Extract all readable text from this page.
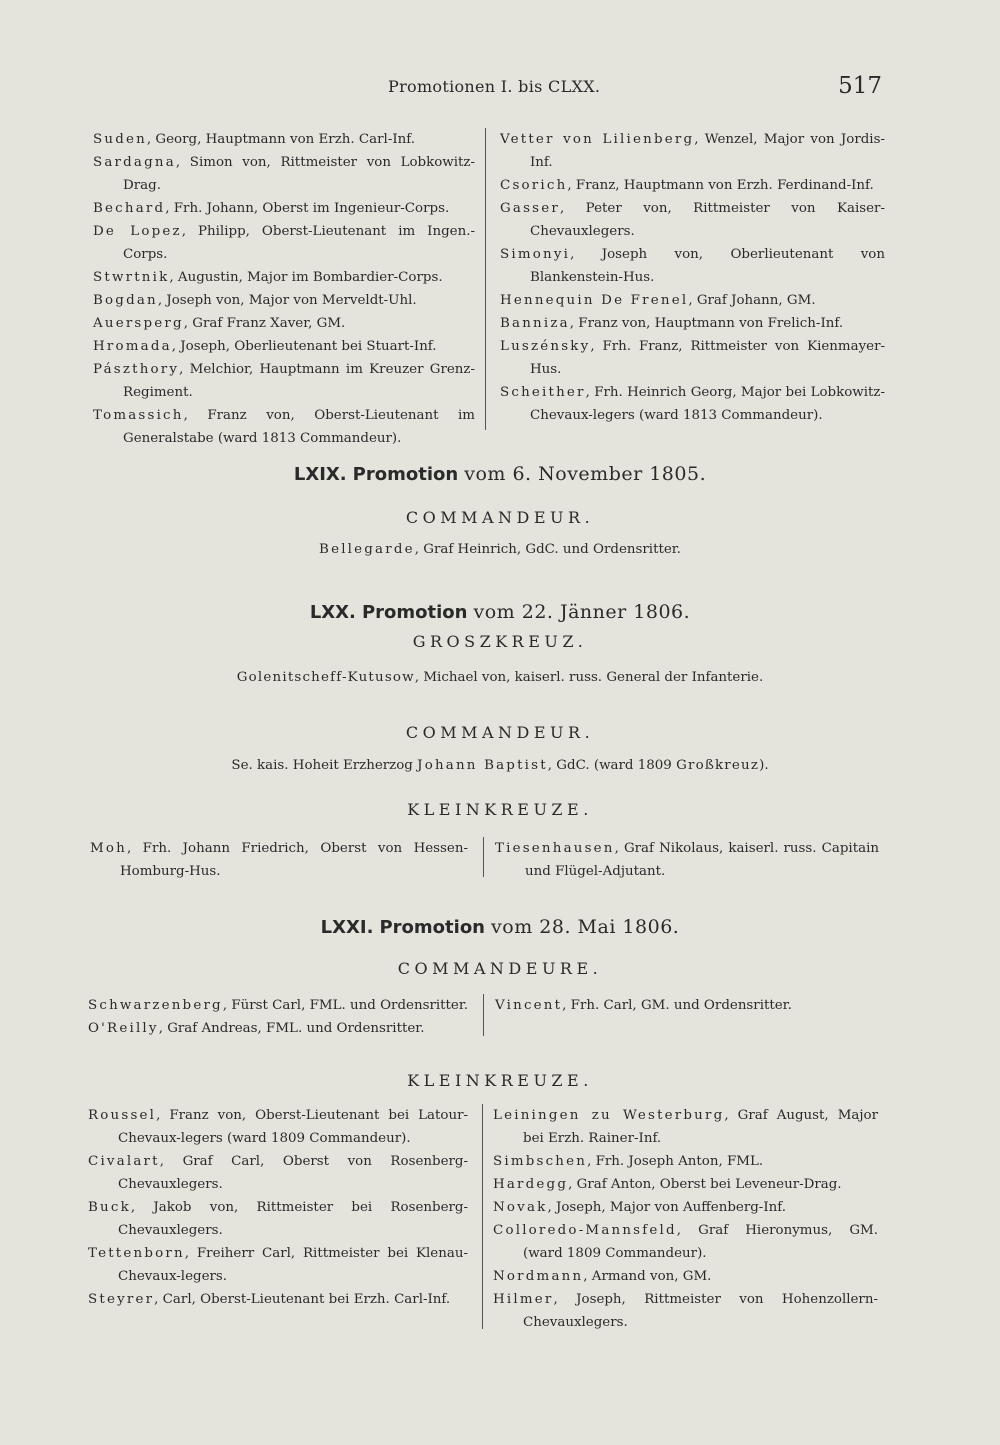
Promotionen I. bis CLXX.	517
Suden, Georg, Hauptmann von Erzh. Carl-Inf.
Sardagna, Simon von, Rittmeister von Lobkowitz-Drag.
Bechard, Frh. Johann, Oberst im Ingenieur-Corps.
De Lopez, Philipp, Oberst-Lieutenant im Ingen.-Corps.
Stwrtnik, Augustin, Major im Bombardier-Corps.
Bogdan, Joseph von, Major von Merveldt-Uhl.
Auersperg, Graf Franz Xaver, GM.
Hromada, Joseph, Oberlieutenant bei Stuart-Inf.
Pászthory, Melchior, Hauptmann im Kreuzer Grenz-Regiment.
Tomassich, Franz von, Oberst-Lieutenant im Generalstabe (ward 1813 Commandeur).
Vetter von Lilienberg, Wenzel, Major von Jordis-Inf.
Csorich, Franz, Hauptmann von Erzh. Ferdinand-Inf.
Gasser, Peter von, Rittmeister von Kaiser-Chevauxlegers.
Simonyi, Joseph von, Oberlieutenant von Blankenstein-Hus.
Hennequin De Frenel, Graf Johann, GM.
Banniza, Franz von, Hauptmann von Frelich-Inf.
Luszénsky, Frh. Franz, Rittmeister von Kienmayer-Hus.
Scheither, Frh. Heinrich Georg, Major bei Lobkowitz-Chevaux-legers (ward 1813 Commandeur).
LXIX. Promotion vom 6. November 1805.
COMMANDEUR.
Bellegarde, Graf Heinrich, GdC. und Ordensritter.
LXX. Promotion vom 22. Jänner 1806.
GROSZKREUZ.
Golenitscheff-Kutusow, Michael von, kaiserl. russ. General der Infanterie.
COMMANDEUR.
Se. kais. Hoheit Erzherzog Johann Baptist, GdC. (ward 1809 Großkreuz).
KLEINKREUZE.
Moh, Frh. Johann Friedrich, Oberst von Hessen-Homburg-Hus.
Tiesenhausen, Graf Nikolaus, kaiserl. russ. Capitain und Flügel-Adjutant.
LXXI. Promotion vom 28. Mai 1806.
COMMANDEURE.
Schwarzenberg, Fürst Carl, FML. und Ordensritter.
O'Reilly, Graf Andreas, FML. und Ordensritter.
Vincent, Frh. Carl, GM. und Ordensritter.
KLEINKREUZE.
Roussel, Franz von, Oberst-Lieutenant bei Latour-Chevaux-legers (ward 1809 Commandeur).
Civalart, Graf Carl, Oberst von Rosenberg-Chevauxlegers.
Buck, Jakob von, Rittmeister bei Rosenberg-Chevauxlegers.
Tettenborn, Freiherr Carl, Rittmeister bei Klenau-Chevaux-legers.
Steyrer, Carl, Oberst-Lieutenant bei Erzh. Carl-Inf.
Leiningen zu Westerburg, Graf August, Major bei Erzh. Rainer-Inf.
Simbschen, Frh. Joseph Anton, FML.
Hardegg, Graf Anton, Oberst bei Leveneur-Drag.
Novak, Joseph, Major von Auffenberg-Inf.
Colloredo-Mannsfeld, Graf Hieronymus, GM. (ward 1809 Commandeur).
Nordmann, Armand von, GM.
Hilmer, Joseph, Rittmeister von Hohenzollern-Chevauxlegers.
